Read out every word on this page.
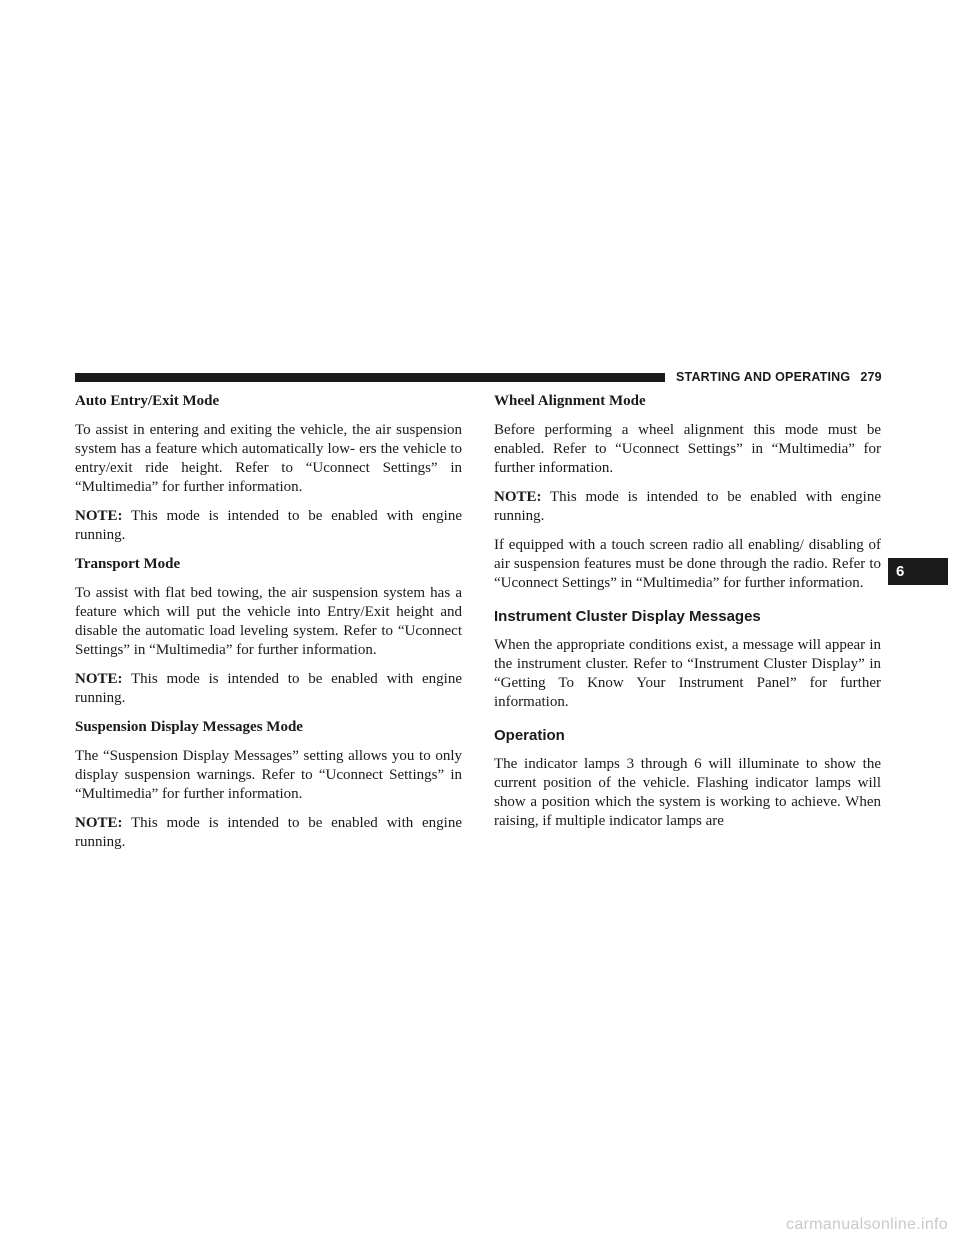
STARTING AND OPERATING 279
Auto Entry/Exit Mode

To assist in entering and exiting the vehicle, the air suspension system has a feature which automatically low- ers the vehicle to entry/exit ride height. Refer to “Uconnect Settings” in “Multimedia” for further information.

NOTE: This mode is intended to be enabled with engine running.

Transport Mode

To assist with flat bed towing, the air suspension system has a feature which will put the vehicle into Entry/Exit height and disable the automatic load leveling system. Refer to “Uconnect Settings” in “Multimedia” for further information.

NOTE: This mode is intended to be enabled with engine running.

Suspension Display Messages Mode

The “Suspension Display Messages” setting allows you to only display suspension warnings. Refer to “Uconnect Settings” in “Multimedia” for further information.

NOTE: This mode is intended to be enabled with engine running.

Wheel Alignment Mode

Before performing a wheel alignment this mode must be enabled. Refer to “Uconnect Settings” in “Multimedia” for further information.

NOTE: This mode is intended to be enabled with engine running.

If equipped with a touch screen radio all enabling/ disabling of air suspension features must be done through the radio. Refer to “Uconnect Settings” in “Multimedia” for further information.

Instrument Cluster Display Messages

When the appropriate conditions exist, a message will appear in the instrument cluster. Refer to “Instrument Cluster Display” in “Getting To Know Your Instrument Panel” for further information.

Operation

The indicator lamps 3 through 6 will illuminate to show the current position of the vehicle. Flashing indicator lamps will show a position which the system is working to achieve. When raising, if multiple indicator lamps are

6
carmanualsonline.info
